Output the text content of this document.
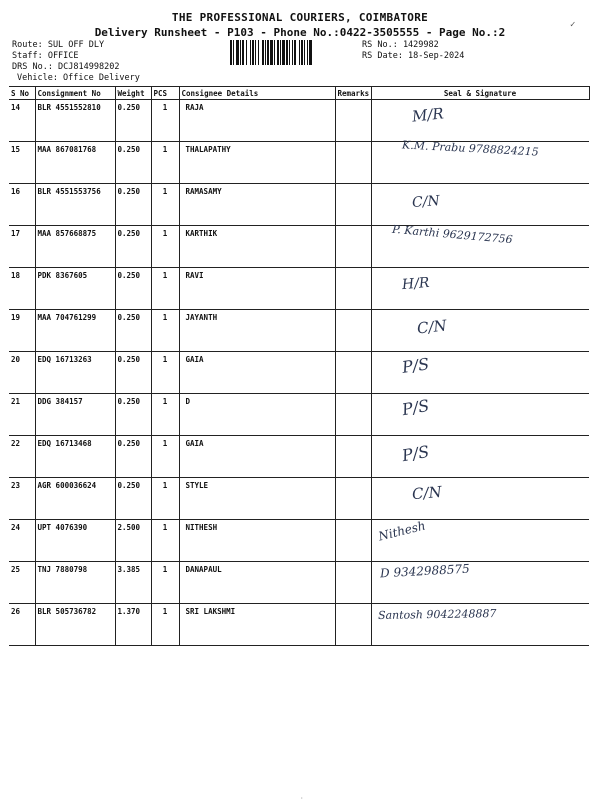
THE PROFESSIONAL COURIERS, COIMBATORE
Delivery Runsheet - P103 - Phone No.:0422-3505555 - Page No.:2
✓
Route: SUL OFF DLY
Staff: OFFICE
DRS No.: DCJ814998202
RS No.: 1429982
RS Date: 18-Sep-2024
Vehicle: Office Delivery
S No	Consignment No	Weight	PCS	Consignee Details	Remarks	Seal & Signature
14	BLR 4551552810	0.250	1	RAJA		M/R

15	MAA 867081768	0.250	1	THALAPATHY		K.M. Prabu 9788824215

16	BLR 4551553756	0.250	1	RAMASAMY		C/N

17	MAA 857668875	0.250	1	KARTHIK		P. Karthi 9629172756

18	PDK 8367605	0.250	1	RAVI		H/R

19	MAA 704761299	0.250	1	JAYANTH		C/N

20	EDQ 16713263	0.250	1	GAIA		P/S

21	DDG 384157	0.250	1	D		P/S

22	EDQ 16713468	0.250	1	GAIA		P/S

23	AGR 600036624	0.250	1	STYLE		C/N

24	UPT 4076390	2.500	1	NITHESH		Nithesh

25	TNJ 7880798	3.385	1	DANAPAUL		D 9342988575

26	BLR 505736782	1.370	1	SRI LAKSHMI		Santosh 9042248887
·
